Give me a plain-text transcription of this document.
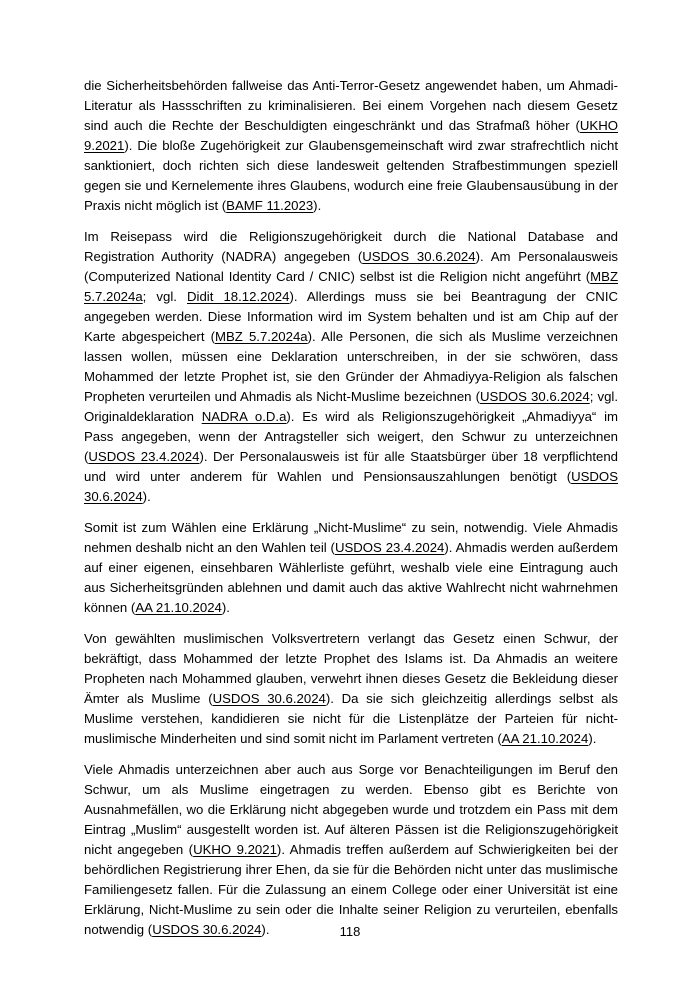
die Sicherheitsbehörden fallweise das Anti-Terror-Gesetz angewendet haben, um Ahmadi-Literatur als Hassschriften zu kriminalisieren. Bei einem Vorgehen nach diesem Gesetz sind auch die Rechte der Beschuldigten eingeschränkt und das Strafmaß höher (UKHO 9.2021). Die bloße Zugehörigkeit zur Glaubensgemeinschaft wird zwar strafrechtlich nicht sanktioniert, doch richten sich diese landesweit geltenden Strafbestimmungen speziell gegen sie und Kernelemente ihres Glaubens, wodurch eine freie Glaubensausübung in der Praxis nicht möglich ist (BAMF 11.2023).

Im Reisepass wird die Religionszugehörigkeit durch die National Database and Registration Authority (NADRA) angegeben (USDOS 30.6.2024). Am Personalausweis (Computerized National Identity Card / CNIC) selbst ist die Religion nicht angeführt (MBZ 5.7.2024a; vgl. Didit 18.12.2024). Allerdings muss sie bei Beantragung der CNIC angegeben werden. Diese Information wird im System behalten und ist am Chip auf der Karte abgespeichert (MBZ 5.7.2024a). Alle Personen, die sich als Muslime verzeichnen lassen wollen, müssen eine Deklaration unterschreiben, in der sie schwören, dass Mohammed der letzte Prophet ist, sie den Gründer der Ahmadiyya-Religion als falschen Propheten verurteilen und Ahmadis als Nicht-Muslime bezeichnen (USDOS 30.6.2024; vgl. Originaldeklaration NADRA o.D.a). Es wird als Religionszugehörigkeit „Ahmadiyya“ im Pass angegeben, wenn der Antragsteller sich weigert, den Schwur zu unterzeichnen (USDOS 23.4.2024). Der Personalausweis ist für alle Staatsbürger über 18 verpflichtend und wird unter anderem für Wahlen und Pensionsauszahlungen benötigt (USDOS 30.6.2024).

Somit ist zum Wählen eine Erklärung „Nicht-Muslime“ zu sein, notwendig. Viele Ahmadis nehmen deshalb nicht an den Wahlen teil (USDOS 23.4.2024). Ahmadis werden außerdem auf einer eigenen, einsehbaren Wählerliste geführt, weshalb viele eine Eintragung auch aus Sicherheitsgründen ablehnen und damit auch das aktive Wahlrecht nicht wahrnehmen können (AA 21.10.2024).

Von gewählten muslimischen Volksvertretern verlangt das Gesetz einen Schwur, der bekräftigt, dass Mohammed der letzte Prophet des Islams ist. Da Ahmadis an weitere Propheten nach Mohammed glauben, verwehrt ihnen dieses Gesetz die Bekleidung dieser Ämter als Muslime (USDOS 30.6.2024). Da sie sich gleichzeitig allerdings selbst als Muslime verstehen, kandidieren sie nicht für die Listenplätze der Parteien für nicht-muslimische Minderheiten und sind somit nicht im Parlament vertreten (AA 21.10.2024).

Viele Ahmadis unterzeichnen aber auch aus Sorge vor Benachteiligungen im Beruf den Schwur, um als Muslime eingetragen zu werden. Ebenso gibt es Berichte von Ausnahmefällen, wo die Erklärung nicht abgegeben wurde und trotzdem ein Pass mit dem Eintrag „Muslim“ ausgestellt worden ist. Auf älteren Pässen ist die Religionszugehörigkeit nicht angegeben (UKHO 9.2021). Ahmadis treffen außerdem auf Schwierigkeiten bei der behördlichen Registrierung ihrer Ehen, da sie für die Behörden nicht unter das muslimische Familiengesetz fallen. Für die Zulassung an einem College oder einer Universität ist eine Erklärung, Nicht-Muslime zu sein oder die Inhalte seiner Religion zu verurteilen, ebenfalls notwendig (USDOS 30.6.2024).	118
